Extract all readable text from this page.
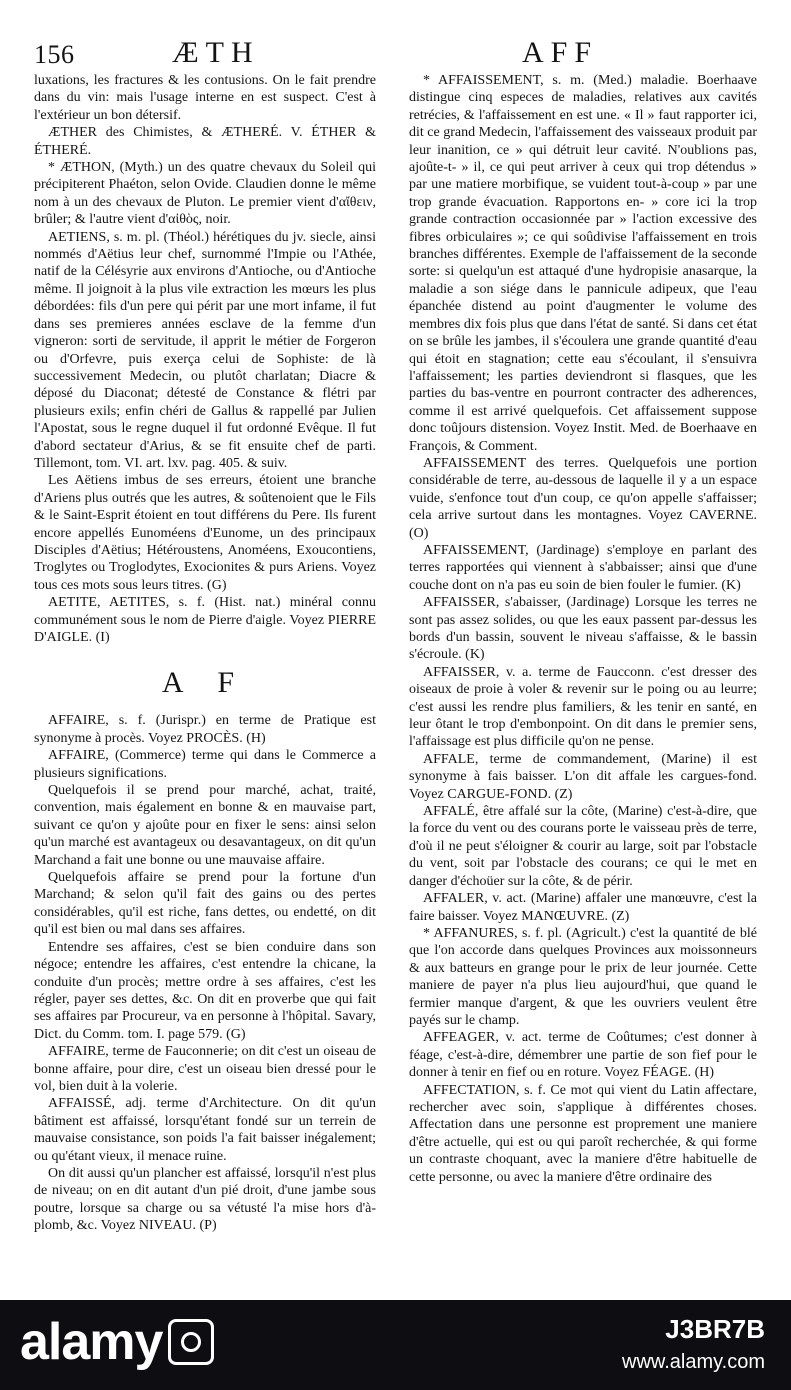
156	ÆTH	AFF

luxations, les fractures & les contusions. On le fait prendre dans du vin: mais l'usage interne en est suspect. C'est à l'extérieur un bon détersif.

ÆTHER des Chimistes, & ÆTHERÉ. V. ÉTHER & ÉTHERÉ.

* ÆTHON, (Myth.) un des quatre chevaux du Soleil qui précipiterent Phaéton, selon Ovide. Claudien donne le même nom à un des chevaux de Pluton. Le premier vient d'αἴθειν, brûler; & l'autre vient d'αἰθὸς, noir.

AETIENS, s. m. pl. (Théol.) hérétiques du jv. siecle, ainsi nommés d'Aëtius leur chef, surnommé l'Impie ou l'Athée, natif de la Célésyrie aux environs d'Antioche, ou d'Antioche même. Il joignoit à la plus vile extraction les mœurs les plus débordées: fils d'un pere qui périt par une mort infame, il fut dans ses premieres années esclave de la femme d'un vigneron: sorti de servitude, il apprit le métier de Forgeron ou d'Orfevre, puis exerça celui de Sophiste: de là successivement Medecin, ou plutôt charlatan; Diacre & déposé du Diaconat; détesté de Constance & flétri par plusieurs exils; enfin chéri de Gallus & rappellé par Julien l'Apostat, sous le regne duquel il fut ordonné Evêque. Il fut d'abord sectateur d'Arius, & se fit ensuite chef de parti. Tillemont, tom. VI. art. lxv. pag. 405. & suiv.

Les Aëtiens imbus de ses erreurs, étoient une branche d'Ariens plus outrés que les autres, & soûtenoient que le Fils & le Saint-Esprit étoient en tout différens du Pere. Ils furent encore appellés Eunoméens d'Eunome, un des principaux Disciples d'Aëtius; Hétéroustens, Anoméens, Exoucontiens, Troglytes ou Troglodytes, Exocionites & purs Ariens. Voyez tous ces mots sous leurs titres. (G)

AETITE, AETITES, s. f. (Hist. nat.) minéral connu communément sous le nom de Pierre d'aigle. Voyez PIERRE D'AIGLE. (I)

A F

AFFAIRE, s. f. (Jurispr.) en terme de Pratique est synonyme à procès. Voyez PROCÈS. (H)

AFFAIRE, (Commerce) terme qui dans le Commerce a plusieurs significations.

Quelquefois il se prend pour marché, achat, traité, convention, mais également en bonne & en mauvaise part, suivant ce qu'on y ajoûte pour en fixer le sens: ainsi selon qu'un marché est avantageux ou desavantageux, on dit qu'un Marchand a fait une bonne ou une mauvaise affaire.

Quelquefois affaire se prend pour la fortune d'un Marchand; & selon qu'il fait des gains ou des pertes considérables, qu'il est riche, fans dettes, ou endetté, on dit qu'il est bien ou mal dans ses affaires.

Entendre ses affaires, c'est se bien conduire dans son négoce; entendre les affaires, c'est entendre la chicane, la conduite d'un procès; mettre ordre à ses affaires, c'est les régler, payer ses dettes, &c. On dit en proverbe que qui fait ses affaires par Procureur, va en personne à l'hôpital. Savary, Dict. du Comm. tom. I. page 579. (G)

AFFAIRE, terme de Fauconnerie; on dit c'est un oiseau de bonne affaire, pour dire, c'est un oiseau bien dressé pour le vol, bien duit à la volerie.

AFFAISSÉ, adj. terme d'Architecture. On dit qu'un bâtiment est affaissé, lorsqu'étant fondé sur un terrein de mauvaise consistance, son poids l'a fait baisser inégalement; ou qu'étant vieux, il menace ruine.

On dit aussi qu'un plancher est affaissé, lorsqu'il n'est plus de niveau; on en dit autant d'un pié droit, d'une jambe sous poutre, lorsque sa charge ou sa vétusté l'a mise hors d'à-plomb, &c. Voyez NIVEAU. (P)

* AFFAISSEMENT, s. m. (Med.) maladie. Boerhaave distingue cinq especes de maladies, relatives aux cavités retrécies, & l'affaissement en est une. « Il » faut rapporter ici, dit ce grand Medecin, l'affaissement des vaisseaux produit par leur inanition, ce » qui détruit leur cavité. N'oublions pas, ajoûte-t- » il, ce qui peut arriver à ceux qui trop détendus » par une matiere morbifique, se vuident tout-à-coup » par une trop grande évacuation. Rapportons en- » core ici la trop grande contraction occasionnée par » l'action excessive des fibres orbiculaires »; ce qui soûdivise l'affaissement en trois branches différentes. Exemple de l'affaissement de la seconde sorte: si quelqu'un est attaqué d'une hydropisie anasarque, la maladie a son siége dans le pannicule adipeux, que l'eau épanchée distend au point d'augmenter le volume des membres dix fois plus que dans l'état de santé. Si dans cet état on se brûle les jambes, il s'écoulera une grande quantité d'eau qui étoit en stagnation; cette eau s'écoulant, il s'ensuivra l'affaissement; les parties deviendront si flasques, que les parties du bas-ventre en pourront contracter des adherences, comme il est arrivé quelquefois. Cet affaissement suppose donc toûjours distension. Voyez Instit. Med. de Boerhaave en François, & Comment.

AFFAISSEMENT des terres. Quelquefois une portion considérable de terre, au-dessous de laquelle il y a un espace vuide, s'enfonce tout d'un coup, ce qu'on appelle s'affaisser; cela arrive surtout dans les montagnes. Voyez CAVERNE. (O)

AFFAISSEMENT, (Jardinage) s'employe en parlant des terres rapportées qui viennent à s'abbaisser; ainsi que d'une couche dont on n'a pas eu soin de bien fouler le fumier. (K)

AFFAISSER, s'abaisser, (Jardinage) Lorsque les terres ne sont pas assez solides, ou que les eaux passent par-dessus les bords d'un bassin, souvent le niveau s'affaisse, & le bassin s'écroule. (K)

AFFAISSER, v. a. terme de Faucconn. c'est dresser des oiseaux de proie à voler & revenir sur le poing ou au leurre; c'est aussi les rendre plus familiers, & les tenir en santé, en leur ôtant le trop d'embonpoint. On dit dans le premier sens, l'affaissage est plus difficile qu'on ne pense.

AFFALE, terme de commandement, (Marine) il est synonyme à fais baisser. L'on dit affale les cargues-fond. Voyez CARGUE-FOND. (Z)

AFFALÉ, être affalé sur la côte, (Marine) c'est-à-dire, que la force du vent ou des courans porte le vaisseau près de terre, d'où il ne peut s'éloigner & courir au large, soit par l'obstacle du vent, soit par l'obstacle des courans; ce qui le met en danger d'échoüer sur la côte, & de périr.

AFFALER, v. act. (Marine) affaler une manœuvre, c'est la faire baisser. Voyez MANŒUVRE. (Z)

* AFFANURES, s. f. pl. (Agricult.) c'est la quantité de blé que l'on accorde dans quelques Provinces aux moissonneurs & aux batteurs en grange pour le prix de leur journée. Cette maniere de payer n'a plus lieu aujourd'hui, que quand le fermier manque d'argent, & que les ouvriers veulent être payés sur le champ.

AFFEAGER, v. act. terme de Coûtumes; c'est donner à féage, c'est-à-dire, démembrer une partie de son fief pour le donner à tenir en fief ou en roture. Voyez FÉAGE. (H)

AFFECTATION, s. f. Ce mot qui vient du Latin affectare, rechercher avec soin, s'applique à différentes choses. Affectation dans une personne est proprement une maniere d'être actuelle, qui est ou qui paroît recherchée, & qui forme un contraste choquant, avec la maniere d'être habituelle de cette personne, ou avec la maniere d'être ordinaire des

alamy	J3BR7B
www.alamy.com
